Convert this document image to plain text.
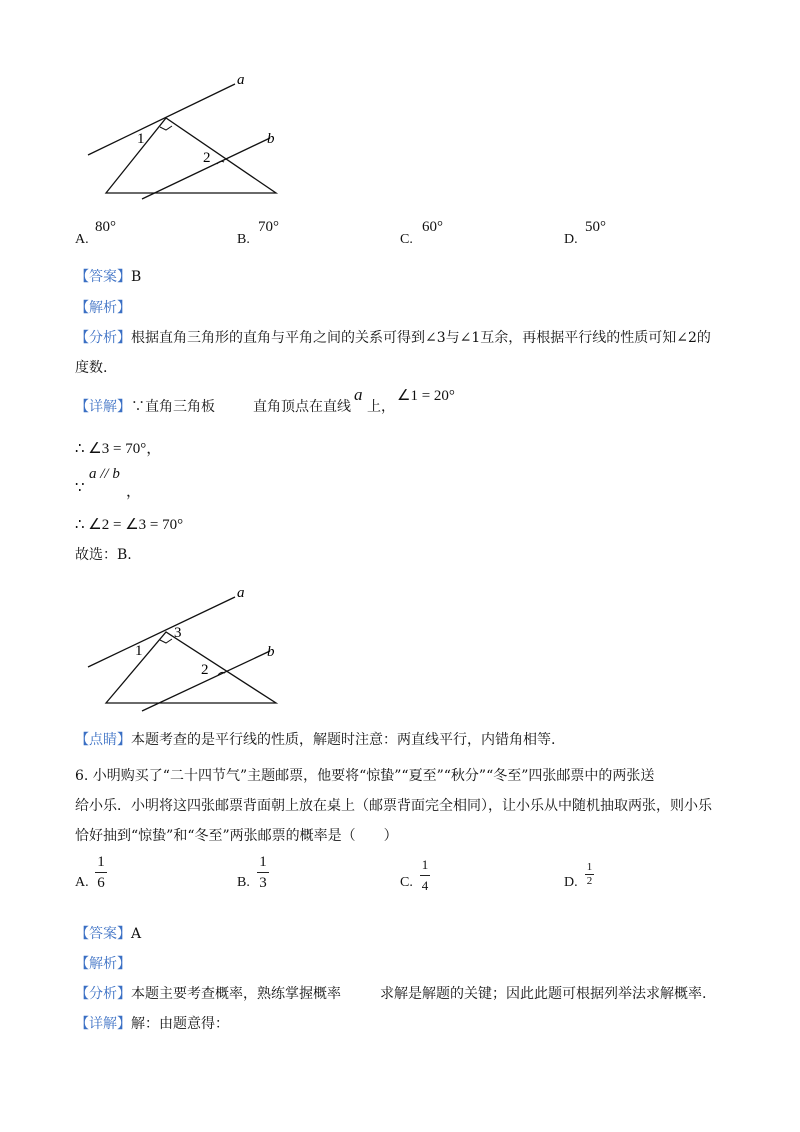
a
b
1
2
A.
80°
B.
70°
C.
60°
D.
50°
【答案】B
【解析】
【分析】根据直角三角形的直角与平角之间的关系可得到∠3与∠1互余，再根据平行线的性质可知∠2的
度数.
【详解】∵直角三角板	直角顶点在直线
a
上，
∠1 = 20°
∴ ∠3 = 70°，
∵
a // b
，
∴ ∠2 = ∠3 = 70°
故选：B.
a
b
1
2
3
【点睛】本题考查的是平行线的性质，解题时注意：两直线平行，内错角相等.
6. 小明购买了“二十四节气”主题邮票，他要将“惊蛰”“夏至”“秋分”“冬至”四张邮票中的两张送
给小乐．小明将这四张邮票背面朝上放在桌上（邮票背面完全相同），让小乐从中随机抽取两张，则小乐
恰好抽到“惊蛰”和“冬至”两张邮票的概率是（　　）
A.
1
6	B.
1
3	C.
1
4	D.
1
2
【答案】A
【解析】
【分析】本题主要考查概率，熟练掌握概率	求解是解题的关键；因此此题可根据列举法求解概率.
【详解】解：由题意得：
